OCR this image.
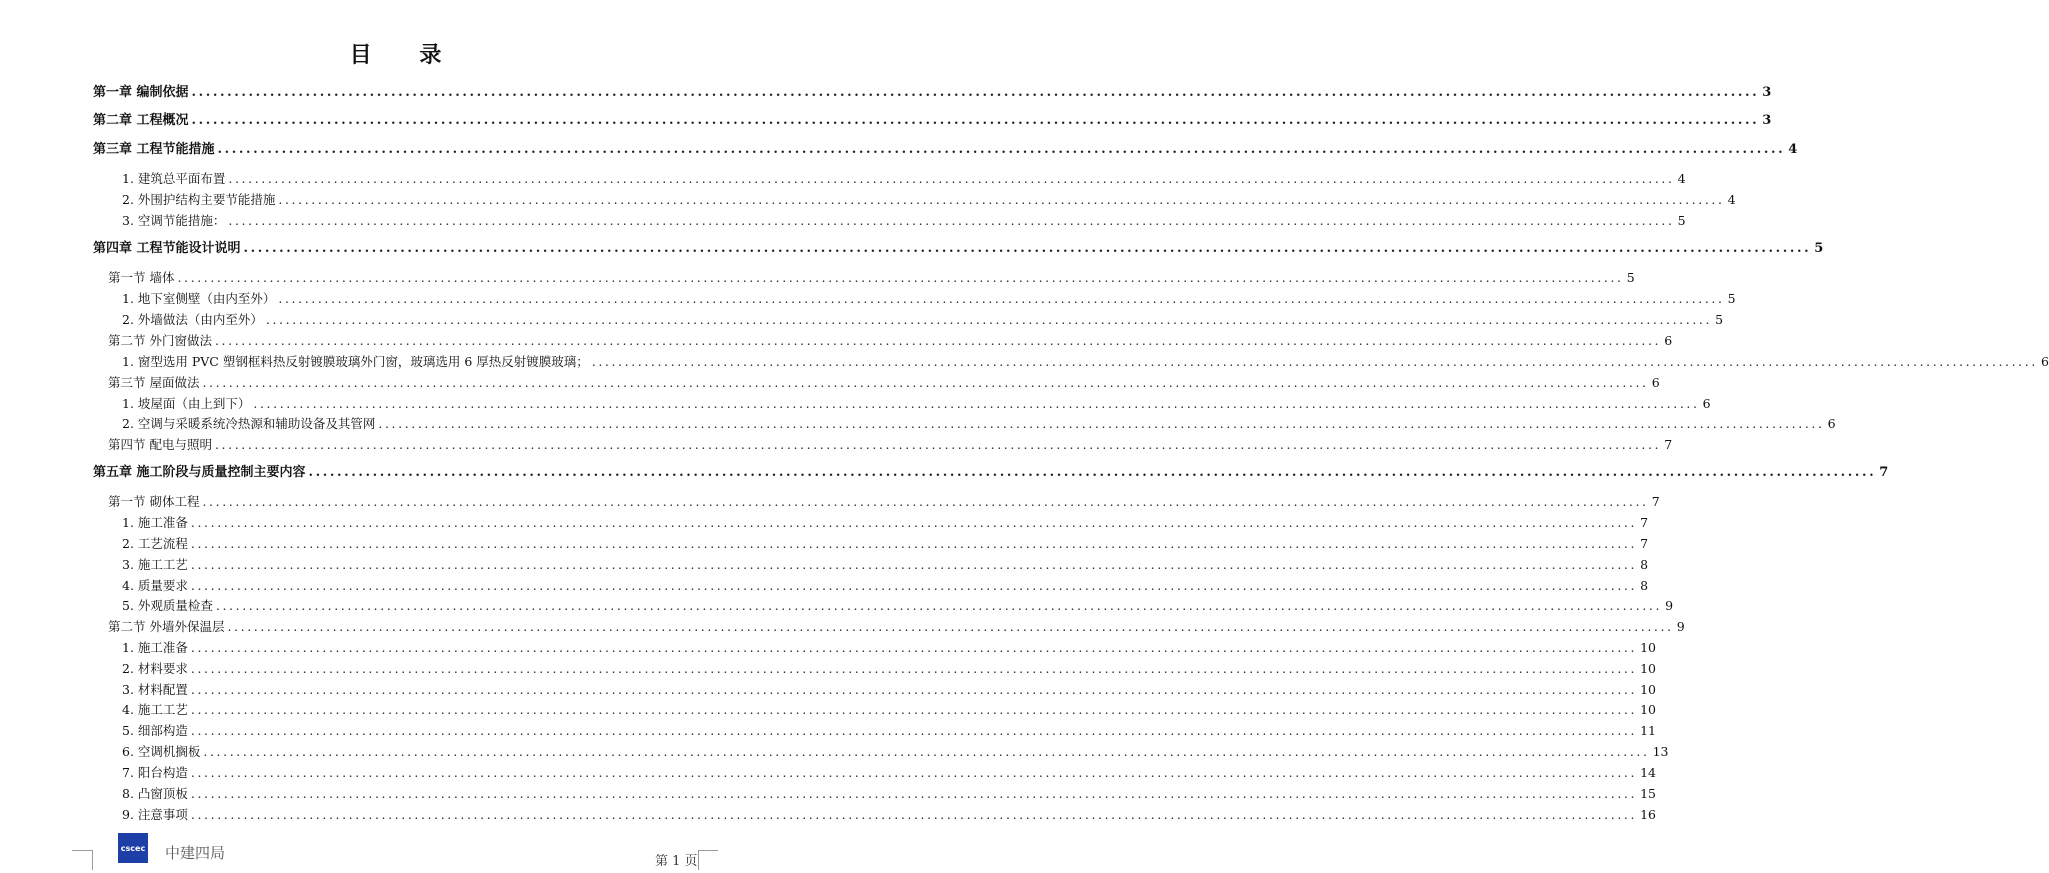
目 录
第一章 编制依据 ............................................................................................................................................................................................................................ 3
第二章 工程概况 ............................................................................................................................................................................................................................ 3
第三章 工程节能措施 ............................................................................................................................................................................................................................ 4
1. 建筑总平面布置 ............................................................................................................................................................................................................................ 4
2. 外围护结构主要节能措施 ............................................................................................................................................................................................................................ 4
3. 空调节能措施： ............................................................................................................................................................................................................................ 5
第四章 工程节能设计说明 ............................................................................................................................................................................................................................ 5
第一节 墙体 ............................................................................................................................................................................................................................ 5
1. 地下室侧壁（由内至外） ............................................................................................................................................................................................................................ 5
2. 外墙做法（由内至外） ............................................................................................................................................................................................................................ 5
第二节 外门窗做法 ............................................................................................................................................................................................................................ 6
1. 窗型选用 PVC 塑钢框料热反射镀膜玻璃外门窗，玻璃选用 6 厚热反射镀膜玻璃； ............................................................................................................................................................................................................................ 6
第三节 屋面做法 ............................................................................................................................................................................................................................ 6
1. 坡屋面（由上到下） ............................................................................................................................................................................................................................ 6
2. 空调与采暖系统冷热源和辅助设备及其管网 ............................................................................................................................................................................................................................ 6
第四节 配电与照明 ............................................................................................................................................................................................................................ 7
第五章 施工阶段与质量控制主要内容 ............................................................................................................................................................................................................................ 7
第一节 砌体工程 ............................................................................................................................................................................................................................ 7
1. 施工准备 ............................................................................................................................................................................................................................ 7
2. 工艺流程 ............................................................................................................................................................................................................................ 7
3. 施工工艺 ............................................................................................................................................................................................................................ 8
4. 质量要求 ............................................................................................................................................................................................................................ 8
5. 外观质量检查 ............................................................................................................................................................................................................................ 9
第二节 外墙外保温层 ............................................................................................................................................................................................................................ 9
1. 施工准备 ............................................................................................................................................................................................................................ 10
2. 材料要求 ............................................................................................................................................................................................................................ 10
3. 材料配置 ............................................................................................................................................................................................................................ 10
4. 施工工艺 ............................................................................................................................................................................................................................ 10
5. 细部构造 ............................................................................................................................................................................................................................ 11
6. 空调机搁板 ............................................................................................................................................................................................................................ 13
7. 阳台构造 ............................................................................................................................................................................................................................ 14
8. 凸窗顶板 ............................................................................................................................................................................................................................ 15
9. 注意事项 ............................................................................................................................................................................................................................ 16
cscec 中建四局	第 1 页
